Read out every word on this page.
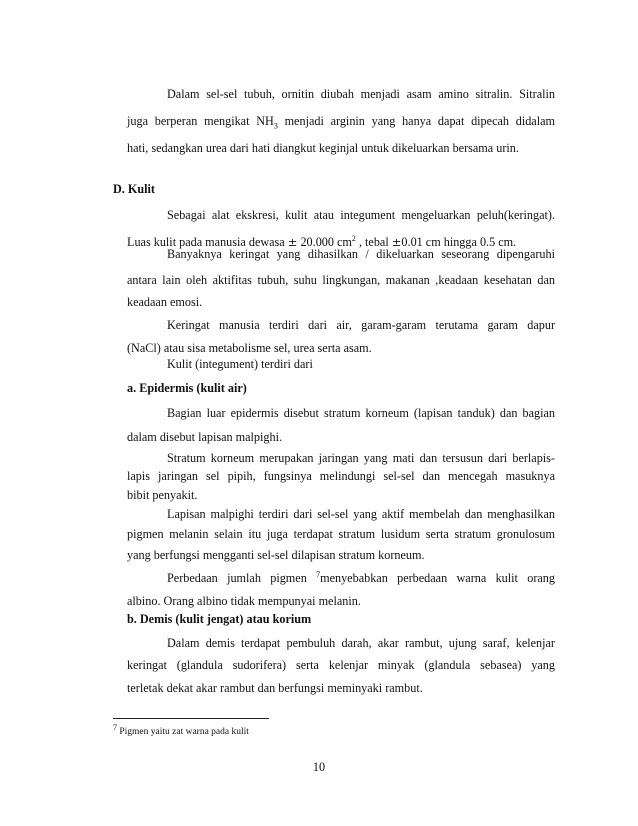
Dalam sel-sel tubuh, ornitin diubah menjadi asam amino sitralin. Sitralin

juga berperan mengikat $NH_3$ menjadi arginin yang hanya dapat dipecah didalam

hati, sedangkan urea dari hati diangkut keginjal untuk dikeluarkan bersama urin.

D. Kulit

Sebagai alat ekskresi, kulit atau integument mengeluarkan peluh(keringat).

Luas kulit pada manusia dewasa ± 20.000 $cm^2$ , tebal ±0.01 cm hingga 0.5 cm.

Banyaknya keringat yang dihasilkan / dikeluarkan seseorang dipengaruhi

antara lain oleh aktifitas tubuh, suhu lingkungan, makanan ,keadaan kesehatan dan

keadaan emosi.

Keringat manusia terdiri dari air, garam-garam terutama garam dapur

(NaCl) atau sisa metabolisme sel, urea serta asam.

Kulit (integument) terdiri dari

a. Epidermis (kulit air)

Bagian luar epidermis disebut stratum korneum (lapisan tanduk) dan bagian

dalam disebut lapisan malpighi.

Stratum korneum merupakan jaringan yang mati dan tersusun dari berlapis-

lapis jaringan sel pipih, fungsinya melindungi sel-sel dan mencegah masuknya

bibit penyakit.

Lapisan malpighi terdiri dari sel-sel yang aktif membelah dan menghasilkan

pigmen melanin selain itu juga terdapat stratum lusidum serta stratum gronulosum

yang berfungsi mengganti sel-sel dilapisan stratum korneum.

Perbedaan jumlah pigmen $^7$menyebabkan perbedaan warna kulit orang

albino. Orang albino tidak mempunyai melanin.

b. Demis (kulit jengat) atau korium

Dalam demis terdapat pembuluh darah, akar rambut, ujung saraf, kelenjar

keringat (glandula sudorifera) serta kelenjar minyak (glandula sebasea) yang

terletak dekat akar rambut dan berfungsi meminyaki rambut.

$^7$ Pigmen yaitu zat warna pada kulit

10
